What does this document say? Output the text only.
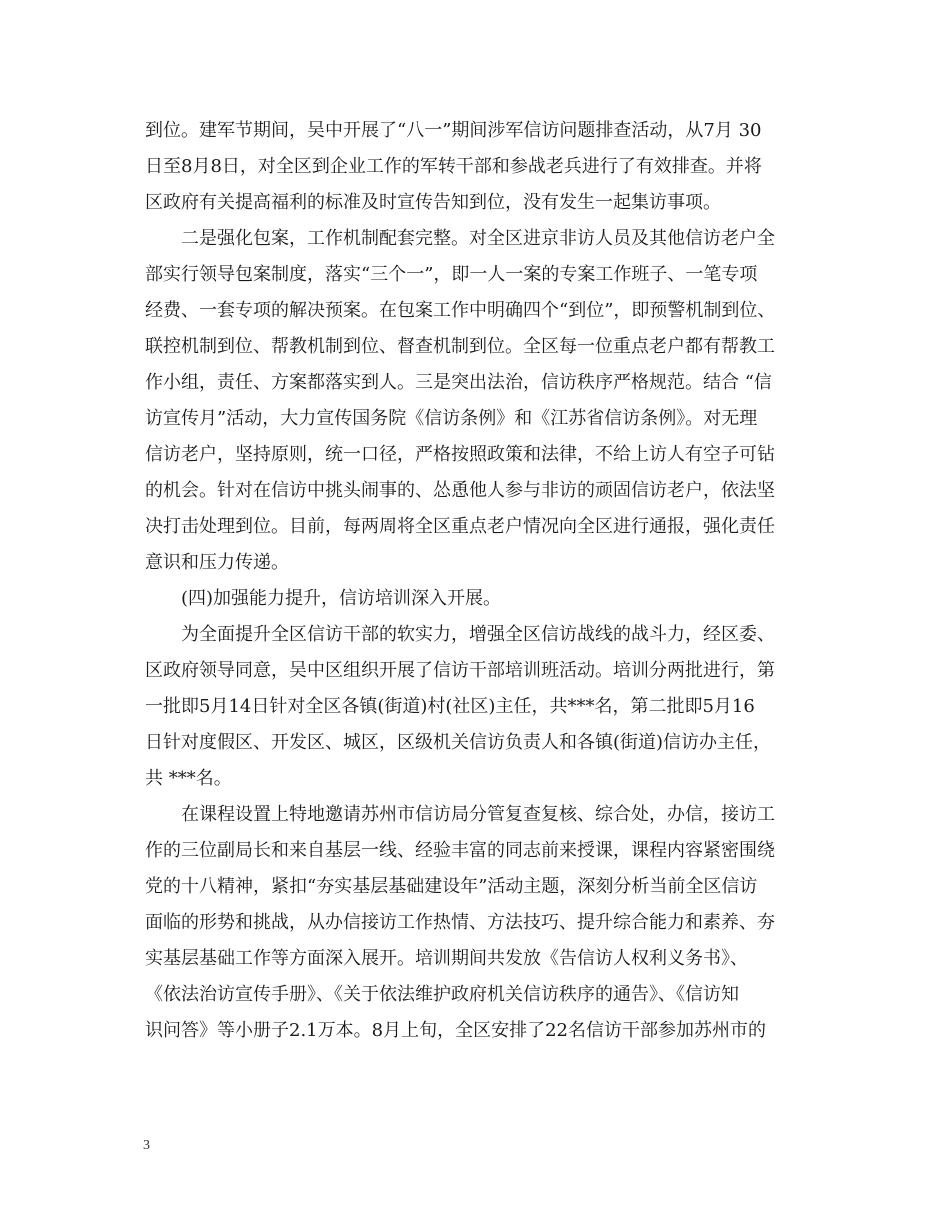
到位。建军节期间，吴中开展了“八一”期间涉军信访问题排查活动，从7月 30
日至8月8日，对全区到企业工作的军转干部和参战老兵进行了有效排查。并将
区政府有关提高福利的标准及时宣传告知到位，没有发生一起集访事项。

二是强化包案，工作机制配套完整。对全区进京非访人员及其他信访老户全
部实行领导包案制度，落实“三个一”，即一人一案的专案工作班子、一笔专项
经费、一套专项的解决预案。在包案工作中明确四个“到位”，即预警机制到位、
联控机制到位、帮教机制到位、督查机制到位。全区每一位重点老户都有帮教工
作小组，责任、方案都落实到人。三是突出法治，信访秩序严格规范。结合 “信
访宣传月”活动，大力宣传国务院《信访条例》和《江苏省信访条例》。对无理
信访老户，坚持原则，统一口径，严格按照政策和法律，不给上访人有空子可钻
的机会。针对在信访中挑头闹事的、怂恿他人参与非访的顽固信访老户，依法坚
决打击处理到位。目前，每两周将全区重点老户情况向全区进行通报，强化责任
意识和压力传递。

(四)加强能力提升，信访培训深入开展。

为全面提升全区信访干部的软实力，增强全区信访战线的战斗力，经区委、
区政府领导同意，吴中区组织开展了信访干部培训班活动。培训分两批进行，第
一批即5月14日针对全区各镇(街道)村(社区)主任，共***名，第二批即5月16
日针对度假区、开发区、城区，区级机关信访负责人和各镇(街道)信访办主任，
共 ***名。

在课程设置上特地邀请苏州市信访局分管复查复核、综合处，办信，接访工
作的三位副局长和来自基层一线、经验丰富的同志前来授课，课程内容紧密围绕
党的十八精神，紧扣“夯实基层基础建设年”活动主题，深刻分析当前全区信访
面临的形势和挑战，从办信接访工作热情、方法技巧、提升综合能力和素养、夯
实基层基础工作等方面深入展开。培训期间共发放《告信访人权利义务书》、
《依法治访宣传手册》、《关于依法维护政府机关信访秩序的通告》、《信访知
识问答》等小册子2.1万本。8月上旬，全区安排了22名信访干部参加苏州市的

3
